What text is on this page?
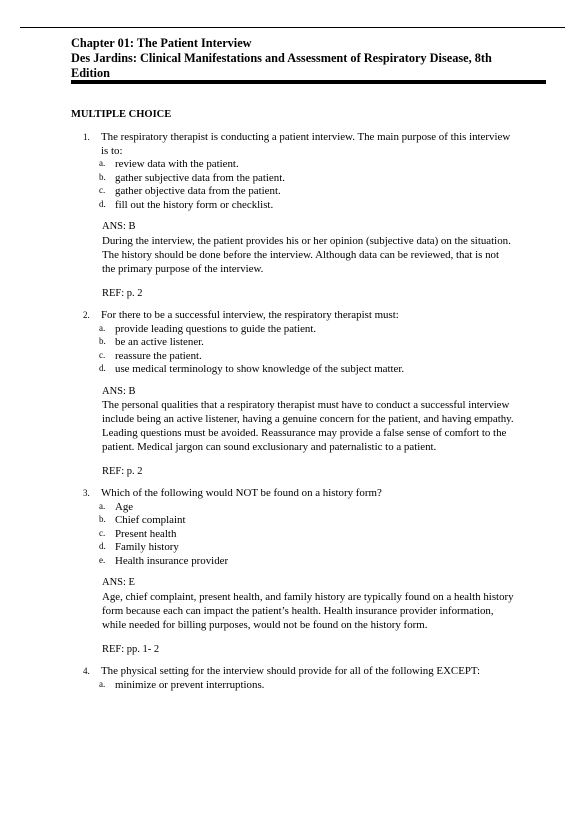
Chapter 01: The Patient Interview
Des Jardins: Clinical Manifestations and Assessment of Respiratory Disease, 8th
Edition
MULTIPLE CHOICE
1. The respiratory therapist is conducting a patient interview. The main purpose of this interview
is to:
a. review data with the patient.
b. gather subjective data from the patient.
c. gather objective data from the patient.
d. fill out the history form or checklist.
ANS: B
During the interview, the patient provides his or her opinion (subjective data) on the situation.
The history should be done before the interview. Although data can be reviewed, that is not
the primary purpose of the interview.
REF: p. 2
2. For there to be a successful interview, the respiratory therapist must:
a. provide leading questions to guide the patient.
b. be an active listener.
c. reassure the patient.
d. use medical terminology to show knowledge of the subject matter.
ANS: B
The personal qualities that a respiratory therapist must have to conduct a successful interview
include being an active listener, having a genuine concern for the patient, and having empathy.
Leading questions must be avoided. Reassurance may provide a false sense of comfort to the
patient. Medical jargon can sound exclusionary and paternalistic to a patient.
REF: p. 2
3. Which of the following would NOT be found on a history form?
a. Age
b. Chief complaint
c. Present health
d. Family history
e. Health insurance provider
ANS: E
Age, chief complaint, present health, and family history are typically found on a health history
form because each can impact the patient’s health. Health insurance provider information,
while needed for billing purposes, would not be found on the history form.
REF: pp. 1- 2
4. The physical setting for the interview should provide for all of the following EXCEPT:
a. minimize or prevent interruptions.
